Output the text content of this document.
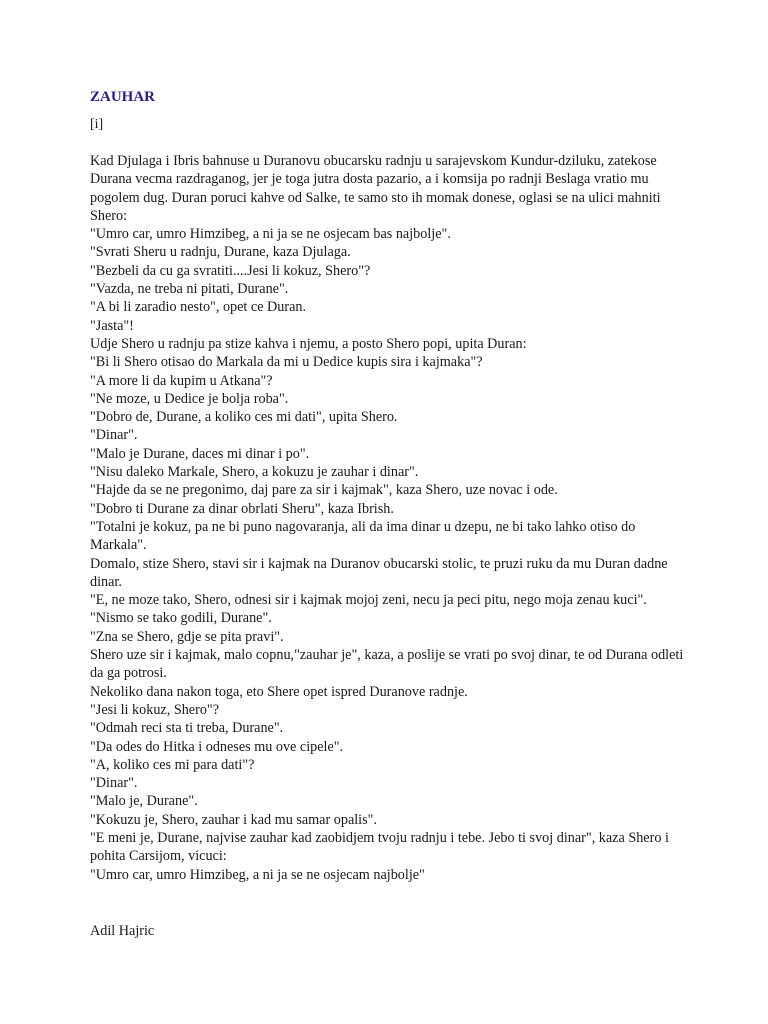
ZAUHAR
[i]

Kad Djulaga i Ibris bahnuse u Duranovu obucarsku radnju u sarajevskom Kundur-dziluku, zatekose Durana vecma razdraganog, jer je toga jutra dosta pazario, a i komsija po radnji Beslaga vratio mu pogolem dug. Duran poruci kahve od Salke, te samo sto ih momak donese, oglasi se na ulici mahniti Shero:

"Umro car, umro Himzibeg, a ni ja se ne osjecam bas najbolje".

"Svrati Sheru u radnju, Durane, kaza Djulaga.

"Bezbeli da cu ga svratiti....Jesi li kokuz, Shero"?

"Vazda, ne treba ni pitati, Durane".

"A bi li zaradio nesto", opet ce Duran.

"Jasta"!

Udje Shero u radnju pa stize kahva i njemu, a posto Shero popi, upita Duran:

"Bi li Shero otisao do Markala da mi u Dedice kupis sira i kajmaka"?

"A more li da kupim u Atkana"?

"Ne moze, u Dedice je bolja roba".

"Dobro de, Durane, a koliko ces mi dati", upita Shero.

"Dinar".

"Malo je Durane, daces mi dinar i po".

"Nisu daleko Markale, Shero, a kokuzu je zauhar i dinar".

"Hajde da se ne pregonimo, daj pare za sir i kajmak", kaza Shero, uze novac i ode.

"Dobro ti Durane za dinar obrlati Sheru", kaza Ibrish.

"Totalni je kokuz, pa ne bi puno nagovaranja, ali da ima dinar u dzepu, ne bi tako lahko otiso do Markala".

Domalo, stize Shero, stavi sir i kajmak na Duranov obucarski stolic, te pruzi ruku da mu Duran dadne dinar.

"E, ne moze tako, Shero, odnesi sir i kajmak mojoj zeni, necu ja peci pitu, nego moja zenau kuci".

"Nismo se tako godili, Durane".

"Zna se Shero, gdje se pita pravi".

Shero uze sir i kajmak, malo copnu,"zauhar je", kaza, a poslije se vrati po svoj dinar, te od Durana odleti da ga potrosi.

Nekoliko dana nakon toga, eto Shere opet ispred Duranove radnje.

"Jesi li kokuz, Shero"?

"Odmah reci sta ti treba, Durane".

"Da odes do Hitka i odneses mu ove cipele".

"A, koliko ces mi para dati"?

"Dinar".

"Malo je, Durane".

"Kokuzu je, Shero, zauhar i kad mu samar opalis".

"E meni je, Durane, najvise zauhar kad zaobidjem tvoju radnju i tebe. Jebo ti svoj dinar", kaza Shero i pohita Carsijom, vicuci:

"Umro car, umro Himzibeg, a ni ja se ne osjecam najbolje"

Adil Hajric
